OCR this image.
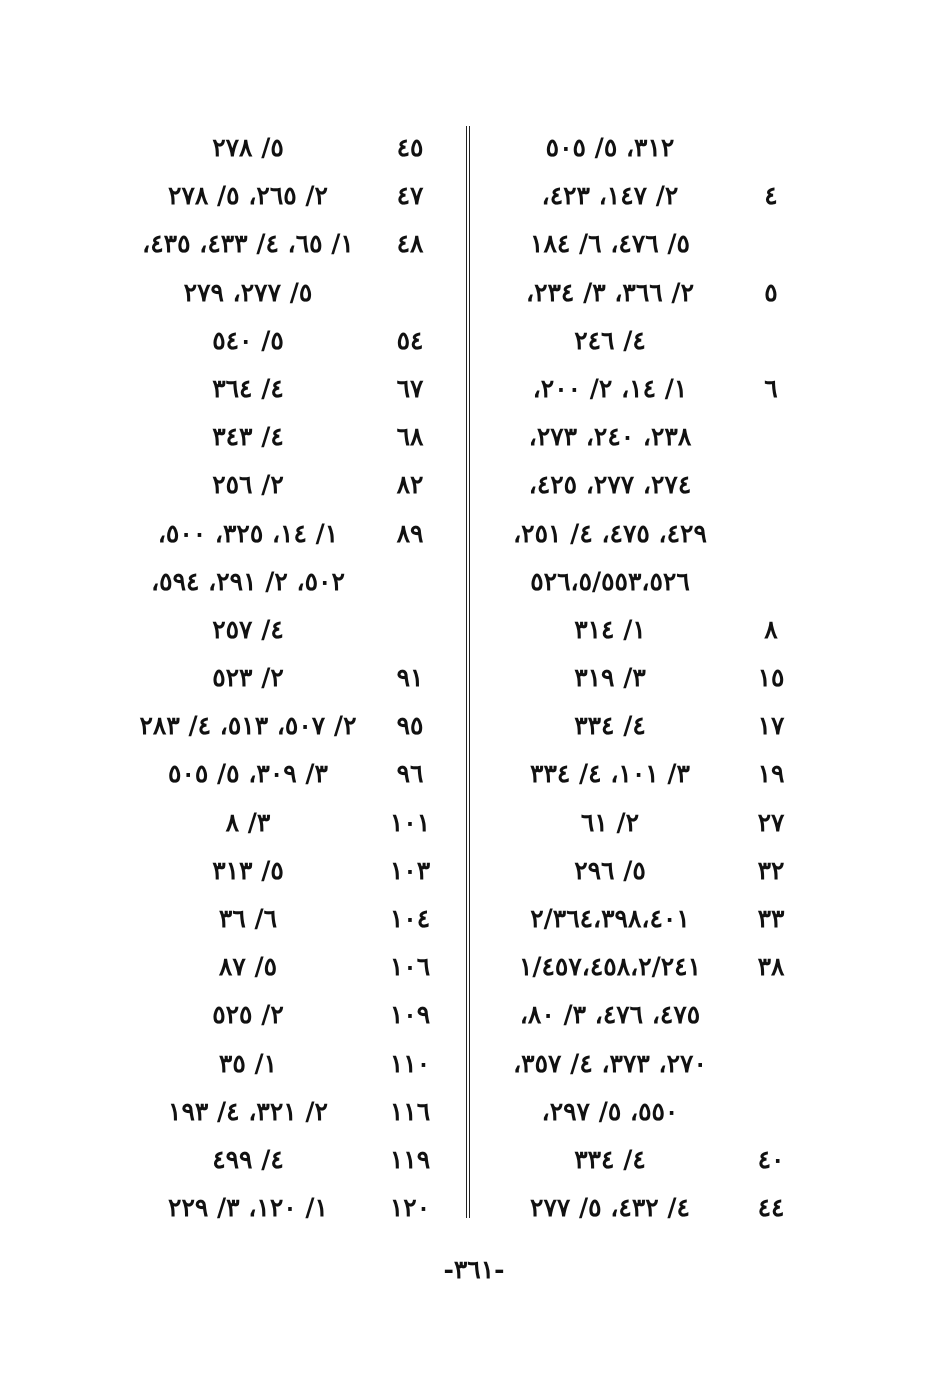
٣١٢، ٥/ ٥٠٥
٤
٢/ ١٤٧، ٤٢٣،
٥/ ٤٧٦، ٦/ ١٨٤
٥
٢/ ٣٦٦، ٣/ ٢٣٤،
٤/ ٢٤٦
٦
١/ ١٤، ٢/ ٢٠٠،
٢٣٨، ٢٤٠، ٢٧٣،
٢٧٤، ٢٧٧، ٤٢٥،
٤٢٩، ٤٧٥، ٤/ ٢٥١،
٥٢٦،٥/٥٥٣،٥٢٦
٨
١/ ٣١٤
١٥
٣/ ٣١٩
١٧
٤/ ٣٣٤
١٩
٣/ ١٠١، ٤/ ٣٣٤
٢٧
٢/ ٦١
٣٢
٥/ ٢٩٦
٣٣
٢/٣٦٤،٣٩٨،٤٠١
٣٨
١/٤٥٧،٤٥٨،٢/٢٤١
٤٧٥، ٤٧٦، ٣/ ٨٠،
٢٧٠، ٣٧٣، ٤/ ٣٥٧،
٥٥٠، ٥/ ٢٩٧،
٤٠
٤/ ٣٣٤
٤٤
٤/ ٤٣٢، ٥/ ٢٧٧
٤٥
٥/ ٢٧٨
٤٧
٢/ ٢٦٥، ٥/ ٢٧٨
٤٨
١/ ٦٥، ٤/ ٤٣٣، ٤٣٥،
٥/ ٢٧٧، ٢٧٩
٥٤
٥/ ٥٤٠
٦٧
٤/ ٣٦٤
٦٨
٤/ ٣٤٣
٨٢
٢/ ٢٥٦
٨٩
١/ ١٤، ٣٢٥، ٥٠٠،
٥٠٢، ٢/ ٢٩١، ٥٩٤،
٤/ ٢٥٧
٩١
٢/ ٥٢٣
٩٥
٢/ ٥٠٧، ٥١٣، ٤/ ٢٨٣
٩٦
٣/ ٣٠٩، ٥/ ٥٠٥
١٠١
٣/ ٨
١٠٣
٥/ ٣١٣
١٠٤
٦/ ٣٦
١٠٦
٥/ ٨٧
١٠٩
٢/ ٥٢٥
١١٠
١/ ٣٥
١١٦
٢/ ٣٢١، ٤/ ١٩٣
١١٩
٤/ ٤٩٩
١٢٠
١/ ١٢٠، ٣/ ٢٢٩
-٣٦١-
